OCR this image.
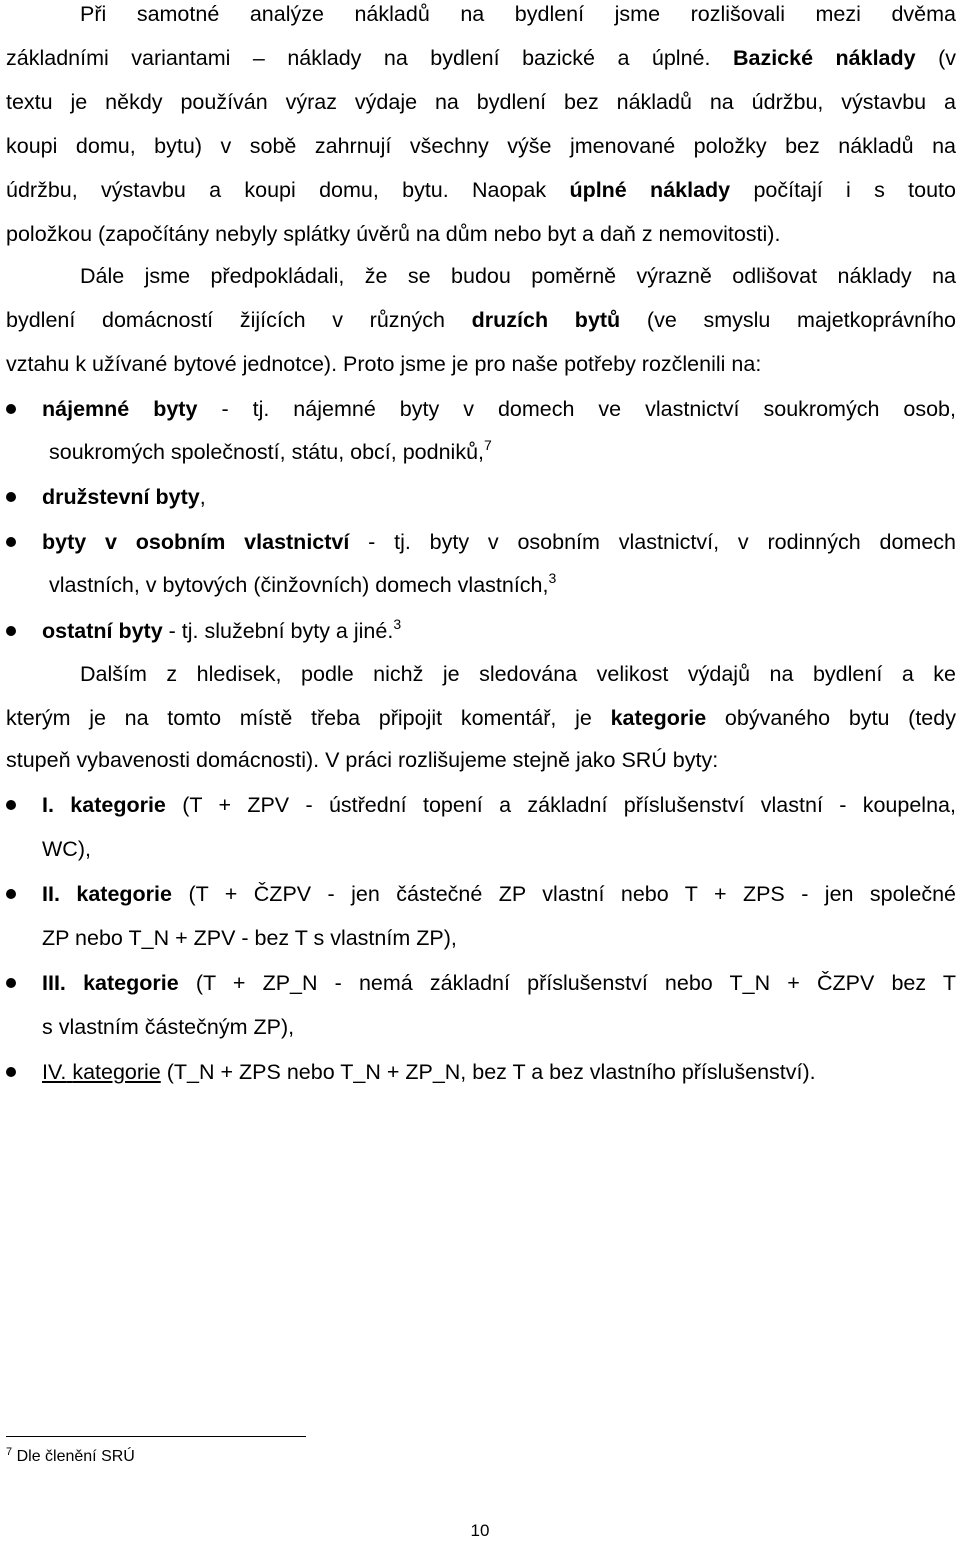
Při samotné analýze nákladů na bydlení jsme rozlišovali mezi dvěma
základními variantami – náklady na bydlení bazické a úplné. Bazické náklady (v
textu je někdy používán výraz výdaje na bydlení bez nákladů na údržbu, výstavbu a
koupi domu, bytu) v sobě zahrnují všechny výše jmenované položky bez nákladů na
údržbu, výstavbu a koupi domu, bytu. Naopak úplné náklady počítají i s touto
položkou (započítány nebyly splátky úvěrů na dům nebo byt a daň z nemovitosti).
Dále jsme předpokládali, že se budou poměrně výrazně odlišovat náklady na
bydlení domácností žijících v různých druzích bytů (ve smyslu majetkoprávního
vztahu k užívané bytové jednotce). Proto jsme je pro naše potřeby rozčlenili na:
nájemné byty - tj. nájemné byty v domech ve vlastnictví soukromých osob,
soukromých společností, státu, obcí, podniků,$^7$
družstevní byty,
byty v osobním vlastnictví - tj. byty v osobním vlastnictví, v rodinných domech
vlastních, v bytových (činžovních) domech vlastních,$^3$
ostatní byty - tj. služební byty a jiné.$^3$
Dalším z hledisek, podle nichž je sledována velikost výdajů na bydlení a ke
kterým je na tomto místě třeba připojit komentář, je kategorie obývaného bytu (tedy
stupeň vybavenosti domácnosti). V práci rozlišujeme stejně jako SRÚ byty:
I. kategorie (T + ZPV - ústřední topení a základní příslušenství vlastní - koupelna,
WC),
II. kategorie (T + ČZPV - jen částečné ZP vlastní nebo T + ZPS - jen společné
ZP nebo T_N + ZPV - bez T s vlastním ZP),
III. kategorie (T + ZP_N - nemá základní příslušenství nebo T_N + ČZPV bez T
s vlastním částečným ZP),
IV. kategorie (T_N + ZPS nebo T_N + ZP_N, bez T a bez vlastního příslušenství).
$^7$ Dle členění SRÚ
10
